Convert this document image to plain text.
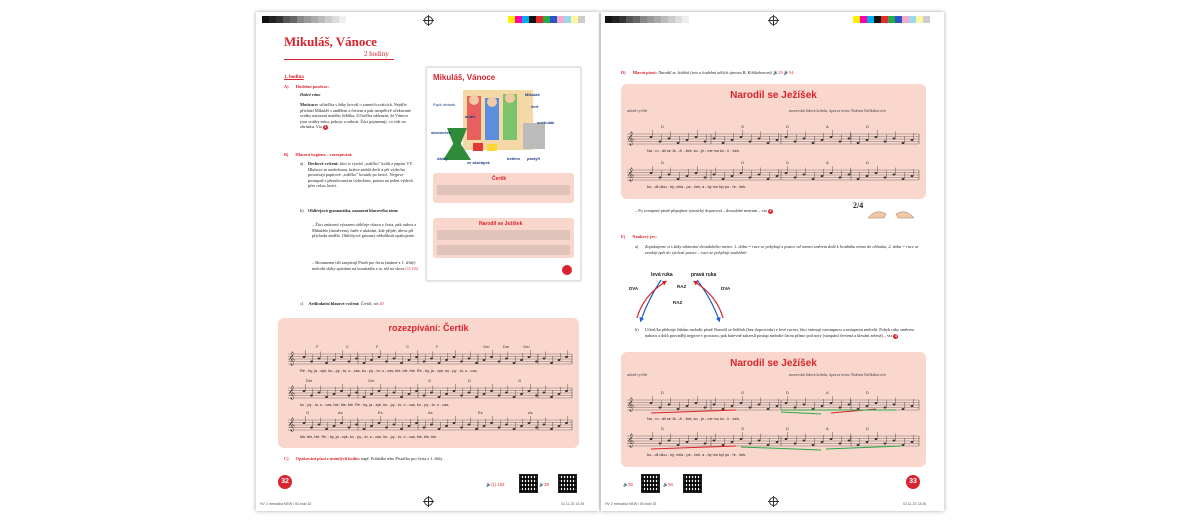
Mikuláš, Vánoce
2 hodiny
1. hodina
A) Hudební pozdrav:
Dobré ráno
Motivace: učitel/ka s žáky hovoří o zimních svátcích. Nejdřív přichází Mikuláš s andělem a čertem a pak netrpělivě očekávané svátky narození malého Ježíška. Učitel/ka zdůrazní, že Vánoce jsou svátky míru, pokoje a radosti. Žáci pojmenují, co vidí na obrázku. Viz 1
B) Hlasová hygiena – rozezpívání:
a) Dechové cvičení: žáci si vyrobí „srdíčko" kvůli z papíru VV. Hluboce se nadechnou, krátce zadrží dech a při výdechu posouvají papírové „srdíčko" kousek po lavici. Nejprve postupně s přerušovaným výdechem, potom na jeden výdech přes celou lavici.
b) Obličejová gymnastika, nasazení hlavového tónu:
– Žáci znázorní výrazem obličeje obavu z čerta, pak radost z Mikuláše (úsměvem), hněv z ukázání, kde příjde, úlevu při příchodu anděla. Obličejové grimasy několikrát opakujeme.
– Broumeme tiší zazpívají Píseň pro čerta (známe z 1. třídy) melodii sloky zpíváme na broukadla a to, též na slova (1) 102
c) Artikulační hlasové cvičení: Čertík, viz 20
Mikuláš, Vánoce
Popiš obrázek.
anděl
čert
Mikuláš
stromeček
sněhulák
dárky
ze skořápek
betlém pastýři
Čertík
Narodil se Ježíšek
rozezpívání: Čertík
𝄞
𝄞
𝄞
F	C	F	C	F	Gm	Dm	Gm
Dm	Gm	G	D	G
G	As	Es	As	Es	As
Re - by, ja - zyk, ko - py - to, o - cas, ko - py - to, o - cas, ble, ble, ble. Re - by, ja - zyk, ko - py - to, o - cas,
ko - py - to, o - cas, ble, ble, ble. Re - by, ja - zyk, ko - py - to, o - cas, ko - py - to, o - cas,
ble, ble, ble. Re - by, ja - zyk, ko - py - to, o - cas, ko - py - to, o - cas, ble, ble, ble.
C) Opakování písní z minulých hodin: např. Pohádka tebo Písnička pro čerta z 1. třídy
32	🔊(1) 102	🔊28
HV 2 metodika NEW I 50.indd 32	02.11.23 13:26
D) Hlavní píseň: Narodil se Ježíšek (text a hudební něčích úpravu B. Kiříkaborová) 🔊29 🔊94
Narodil se Ježíšek
mírně rychle	moravská lidová koleda, úprava textu: Božena Kiříkaborová
𝄞
𝄞
D	G	D	A	D
D	G	D	A	D
Na - ro - dil se Je - ží - šek, ko - je - me mu ko - lí - bek,
bo - dil dlou - hý, chla - pe - ček, a - by mu byl po - ře - šek.
– Po zvoupení písně připojíme rytmický doprovod – dvoudobé metrum – viz 2
2/4
E) Naukový jev:
a) Zopakujeme si s žáky taktování dvoudobého metra: 1. doba = ruce se pohybují z pozice od ramen směrem dolů k hrudníku mimo do oblouku, 2. doba = ruce se zvedají zpět do výchozí pozice – ruce se pohybují souběžně:
levá ruka	pravá ruka
DVA	RAZ
RAZ
DVA
b) Učitel/ka přehraje žákům melodii písně Narodil se Ježíšek (bez doprovodu) v levé rucezi, žáci vnímají vzestupnou a sestupnou melodii. Pohyb ruky směrem nahoru a dolů provádějí nejprve v prostoru, pak barevně zakreslí postup melodie čarou přímo pod noty (stoupání červená a klesání zelená) – viz 3
Narodil se Ježíšek
mírně rychle	moravská lidová koleda, úprava textu: Božena Kiříkaborová
𝄞
𝄞
D	G	D	A	D
D	G	D	A	D
Na - ro - dil se Je - ží - šek, ko - je - me mu ko - lí - bek,
bo - dil dlou - hý, chla - pe - ček, a - by mu byl po - ře - šek.
🔊93	🔊94	33
HV 2 metodika NEW I 50.indd 33	02.11.23 13:26
